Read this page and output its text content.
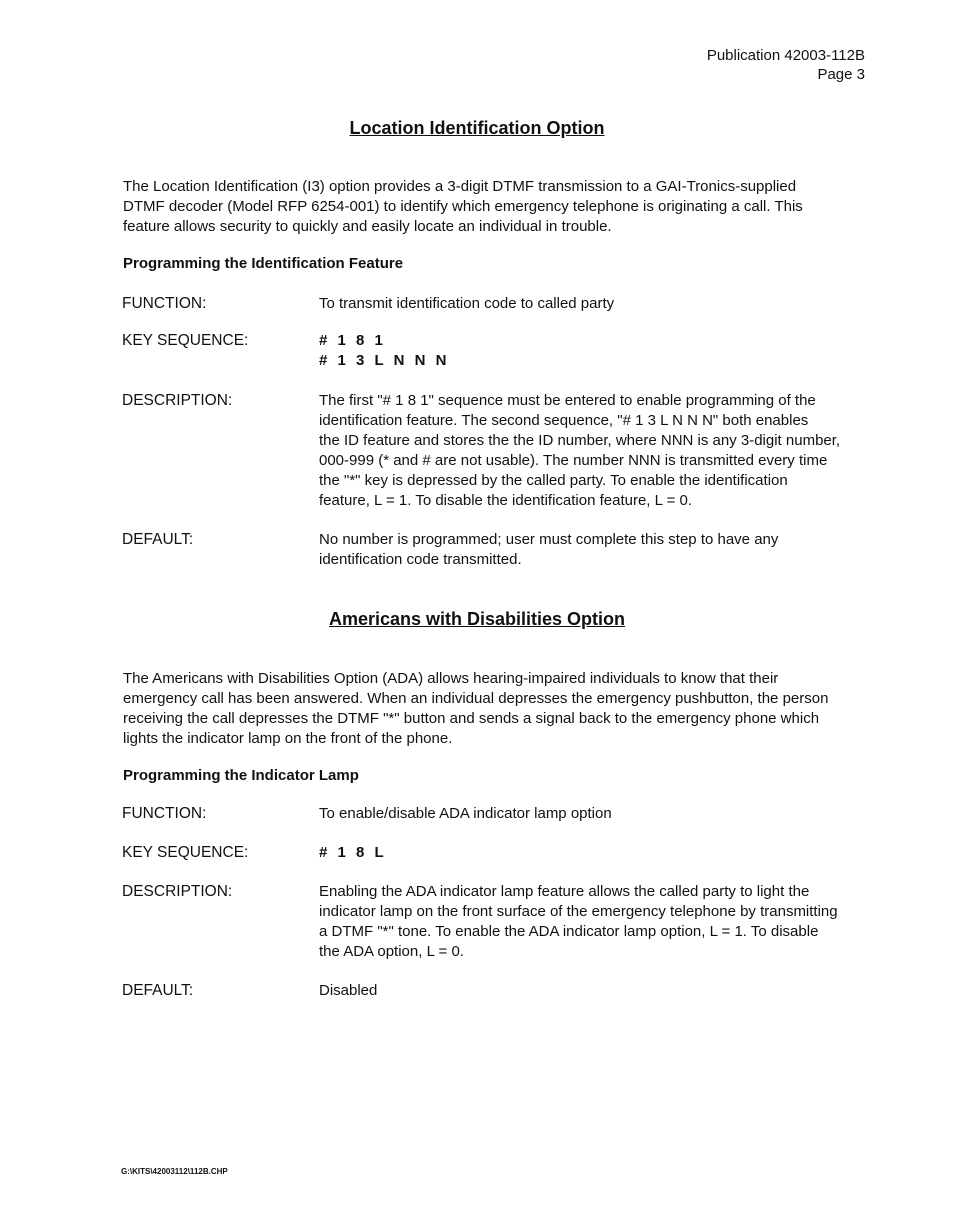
Publication 42003-112B
Page 3
Location Identification Option
The Location Identification (I3) option provides a 3-digit DTMF transmission to a GAI-Tronics-supplied
DTMF decoder (Model RFP 6254-001) to identify which emergency telephone is originating a call. This
feature allows security to quickly and easily locate an individual in trouble.
Programming the Identification Feature
FUNCTION:	To transmit identification code to called party
KEY SEQUENCE:	# 1 8 1
# 1 3 L N N N
DESCRIPTION:	The first "# 1 8 1" sequence must be entered to enable programming of the
identification feature. The second sequence, "# 1 3 L N N N" both enables
the ID feature and stores the the ID number, where NNN is any 3-digit number,
000-999 (* and # are not usable). The number NNN is transmitted every time
the "*" key is depressed by the called party. To enable the identification
feature, L = 1. To disable the identification feature, L = 0.
DEFAULT:	No number is programmed; user must complete this step to have any
identification code transmitted.
Americans with Disabilities Option
The Americans with Disabilities Option (ADA) allows hearing-impaired individuals to know that their
emergency call has been answered. When an individual depresses the emergency pushbutton, the person
receiving the call depresses the DTMF "*" button and sends a signal back to the emergency phone which
lights the indicator lamp on the front of the phone.
Programming the Indicator Lamp
FUNCTION:	To enable/disable ADA indicator lamp option
KEY SEQUENCE:	# 1 8 L
DESCRIPTION:	Enabling the ADA indicator lamp feature allows the called party to light the
indicator lamp on the front surface of the emergency telephone by transmitting
a DTMF "*" tone. To enable the ADA indicator lamp option, L = 1. To disable
the ADA option, L = 0.
DEFAULT:	Disabled
G:\KITS\42003112\112B.CHP
